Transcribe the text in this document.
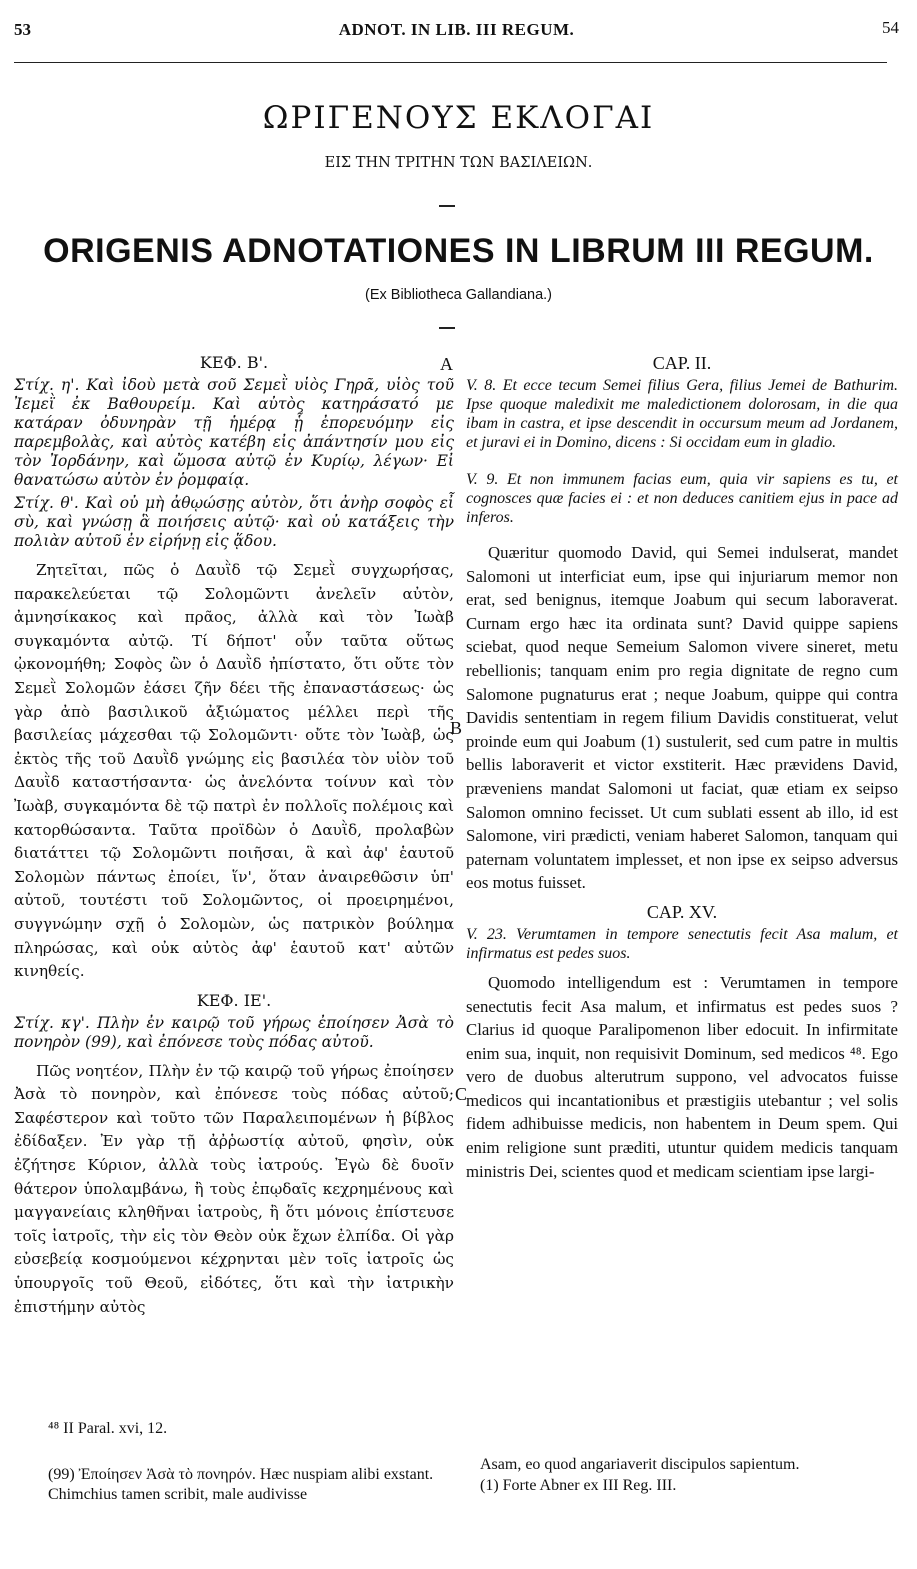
53	ADNOT. IN LIB. III REGUM.	54
ΩΡΙΓΕΝΟΥΣ ΕΚΛΟΓΑΙ
ΕΙΣ ΤΗΝ ΤΡΙΤΗΝ ΤΩΝ ΒΑΣΙΛΕΙΩΝ.
ORIGENIS ADNOTATIONES IN LIBRUM III REGUM.
(Ex Bibliotheca Gallandiana.)
A
B
C

ΚΕΦ. Β'.

Στίχ. η'. Καὶ ἰδοὺ μετὰ σοῦ Σεμεῒ υἱὸς Γηρᾶ, υἱὸς τοῦ Ἰεμεῒ ἐκ Βαθουρείμ. Καὶ αὐτὸς κατηράσατό με κατάραν ὀδυνηρὰν τῇ ἡμέρᾳ ᾗ ἐπορευόμην εἰς παρεμβολὰς, καὶ αὐτὸς κατέβη εἰς ἀπάντησίν μου εἰς τὸν Ἰορδάνην, καὶ ὤμοσα αὐτῷ ἐν Κυρίῳ, λέγων· Εἰ θανατώσω αὐτὸν ἐν ῥομφαίᾳ.

Στίχ. θ'. Καὶ οὐ μὴ ἀθῳώσῃς αὐτὸν, ὅτι ἀνὴρ σοφὸς εἶ σὺ, καὶ γνώσῃ ἃ ποιήσεις αὐτῷ· καὶ οὐ κατάξεις τὴν πολιὰν αὐτοῦ ἐν εἰρήνῃ εἰς ᾅδου.

Ζητεῖται, πῶς ὁ Δαυῒδ τῷ Σεμεῒ συγχωρήσας, παρακελεύεται τῷ Σολομῶντι ἀνελεῖν αὐτὸν, ἀμνησίκακος καὶ πρᾶος, ἀλλὰ καὶ τὸν Ἰωὰβ συγκαμόντα αὐτῷ. Τί δήποτ' οὖν ταῦτα οὕτως ᾠκονομήθη; Σοφὸς ὢν ὁ Δαυῒδ ἠπίστατο, ὅτι οὔτε τὸν Σεμεῒ Σολομῶν ἐάσει ζῆν δέει τῆς ἐπαναστάσεως· ὡς γὰρ ἀπὸ βασιλικοῦ ἀξιώματος μέλλει περὶ τῆς βασιλείας μάχεσθαι τῷ Σολομῶντι· οὔτε τὸν Ἰωὰβ, ὡς ἐκτὸς τῆς τοῦ Δαυῒδ γνώμης εἰς βασιλέα τὸν υἱὸν τοῦ Δαυῒδ καταστήσαντα· ὡς ἀνελόντα τοίνυν καὶ τὸν Ἰωὰβ, συγκαμόντα δὲ τῷ πατρὶ ἐν πολλοῖς πολέμοις καὶ κατορθώσαντα. Ταῦτα προϊδὼν ὁ Δαυῒδ, προλαβὼν διατάττει τῷ Σολομῶντι ποιῆσαι, ἃ καὶ ἀφ' ἑαυτοῦ Σολομὼν πάντως ἐποίει, ἵν', ὅταν ἀναιρεθῶσιν ὑπ' αὐτοῦ, τουτέστι τοῦ Σολομῶντος, οἱ προειρημένοι, συγγνώμην σχῇ ὁ Σολομὼν, ὡς πατρικὸν βούλημα πληρώσας, καὶ οὐκ αὐτὸς ἀφ' ἑαυτοῦ κατ' αὐτῶν κινηθείς.

ΚΕΦ. ΙΕ'.

Στίχ. κγ'. Πλὴν ἐν καιρῷ τοῦ γήρως ἐποίησεν Ἀσὰ τὸ πονηρὸν (99), καὶ ἐπόνεσε τοὺς πόδας αὐτοῦ.

Πῶς νοητέον, Πλὴν ἐν τῷ καιρῷ τοῦ γήρως ἐποίησεν Ἀσὰ τὸ πονηρὸν, καὶ ἐπόνεσε τοὺς πόδας αὐτοῦ; Σαφέστερον καὶ τοῦτο τῶν Παραλειπομένων ἡ βίβλος ἐδίδαξεν. Ἐν γὰρ τῇ ἀῤῥωστίᾳ αὐτοῦ, φησὶν, οὐκ ἐζήτησε Κύριον, ἀλλὰ τοὺς ἰατρούς. Ἐγὼ δὲ δυοῖν θάτερον ὑπολαμβάνω, ἢ τοὺς ἐπῳδαῖς κεχρημένους καὶ μαγγανείαις κληθῆναι ἰατροὺς, ἢ ὅτι μόνοις ἐπίστευσε τοῖς ἰατροῖς, τὴν εἰς τὸν Θεὸν οὐκ ἔχων ἐλπίδα. Οἱ γὰρ εὐσεβείᾳ κοσμούμενοι κέχρηνται μὲν τοῖς ἰατροῖς ὡς ὑπουργοῖς τοῦ Θεοῦ, εἰδότες, ὅτι καὶ τὴν ἰατρικὴν ἐπιστήμην αὐτὸς

CAP. II.

V. 8. Et ecce tecum Semei filius Gera, filius Jemei de Bathurim. Ipse quoque maledixit me maledictionem dolorosam, in die qua ibam in castra, et ipse descendit in occursum meum ad Jordanem, et juravi ei in Domino, dicens : Si occidam eum in gladio.

V. 9. Et non immunem facias eum, quia vir sapiens es tu, et cognosces quæ facies ei : et non deduces canitiem ejus in pace ad inferos.

Quæritur quomodo David, qui Semei indulserat, mandet Salomoni ut interficiat eum, ipse qui injuriarum memor non erat, sed benignus, itemque Joabum qui secum laboraverat. Curnam ergo hæc ita ordinata sunt? David quippe sapiens sciebat, quod neque Semeium Salomon vivere sineret, metu rebellionis; tanquam enim pro regia dignitate de regno cum Salomone pugnaturus erat ; neque Joabum, quippe qui contra Davidis sententiam in regem filium Davidis constituerat, velut proinde eum qui Joabum (1) sustulerit, sed cum patre in multis bellis laboraverit et victor exstiterit. Hæc prævidens David, præveniens mandat Salomoni ut faciat, quæ etiam ex seipso Salomon omnino fecisset. Ut cum sublati essent ab illo, id est Salomone, viri prædicti, veniam haberet Salomon, tanquam qui paternam voluntatem implesset, et non ipse ex seipso adversus eos motus fuisset.

CAP. XV.

V. 23. Verumtamen in tempore senectutis fecit Asa malum, et infirmatus est pedes suos.

Quomodo intelligendum est : Verumtamen in tempore senectutis fecit Asa malum, et infirmatus est pedes suos ? Clarius id quoque Paralipomenon liber edocuit. In infirmitate enim sua, inquit, non requisivit Dominum, sed medicos ⁴⁸. Ego vero de duobus alterutrum suppono, vel advocatos fuisse medicos qui incantationibus et præstigiis utebantur ; vel solis fidem adhibuisse medicis, non habentem in Deum spem. Qui enim religione sunt præditi, utuntur quidem medicis tanquam ministris Dei, scientes quod et medicam scientiam ipse largi-

⁴⁸ II Paral. xvi, 12.
(99) Ἐποίησεν Ἀσὰ τὸ πονηρόν. Hæc nuspiam alibi exstant. Chimchius tamen scribit, male audivisse
Asam, eo quod angariaverit discipulos sapientum.
(1) Forte Abner ex III Reg. III.
